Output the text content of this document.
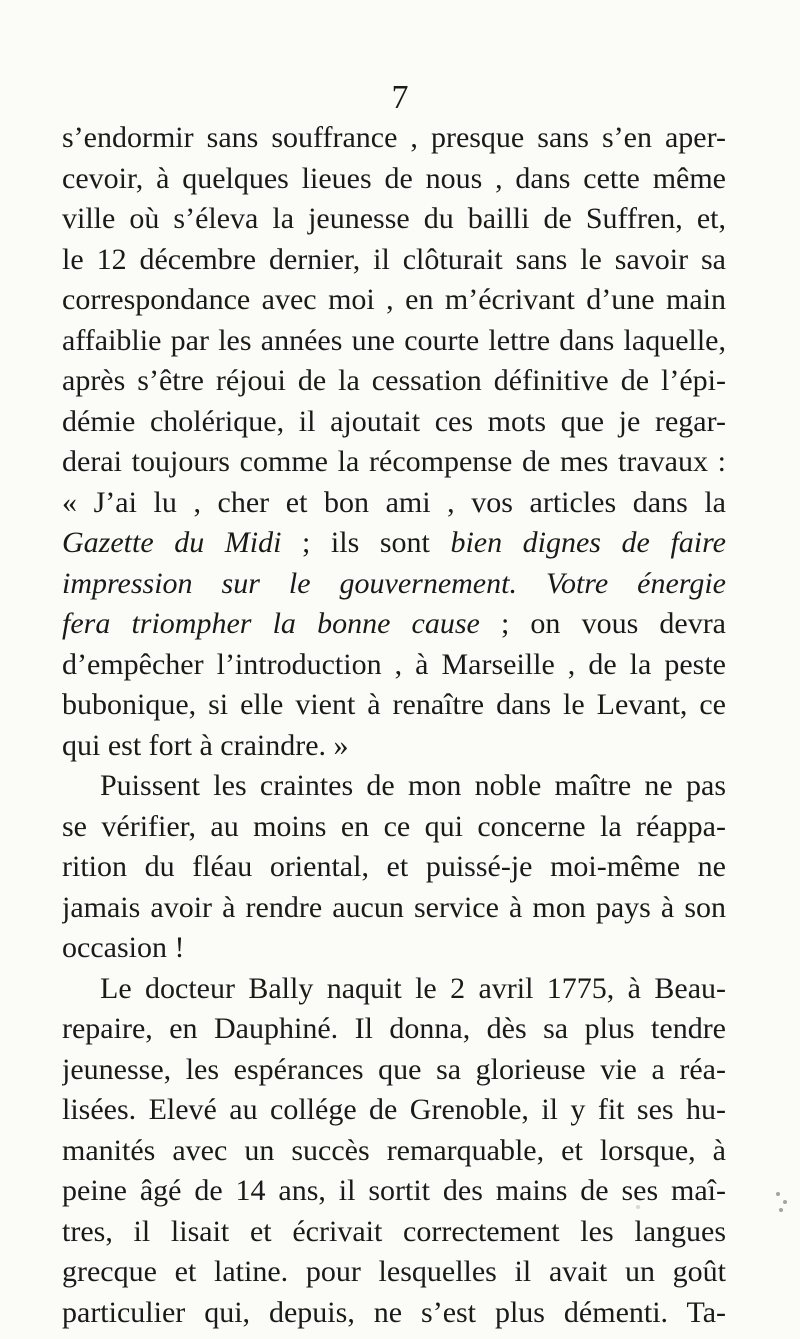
7
s’endormir sans souffrance , presque sans s’en aper-
cevoir, à quelques lieues de nous , dans cette même
ville où s’éleva la jeunesse du bailli de Suffren, et,
le 12 décembre dernier, il clôturait sans le savoir sa
correspondance avec moi , en m’écrivant d’une main
affaiblie par les années une courte lettre dans laquelle,
après s’être réjoui de la cessation définitive de l’épi-
démie cholérique, il ajoutait ces mots que je regar-
derai toujours comme la récompense de mes travaux :
« J’ai lu , cher et bon ami , vos articles dans la
Gazette du Midi ; ils sont bien dignes de faire
impression sur le gouvernement. Votre énergie
fera triompher la bonne cause ; on vous devra
d’empêcher l’introduction , à Marseille , de la peste
bubonique, si elle vient à renaître dans le Levant, ce
qui est fort à craindre. »
Puissent les craintes de mon noble maître ne pas
se vérifier, au moins en ce qui concerne la réappa-
rition du fléau oriental, et puissé-je moi-même ne
jamais avoir à rendre aucun service à mon pays à son
occasion !
Le docteur Bally naquit le 2 avril 1775, à Beau-
repaire, en Dauphiné. Il donna, dès sa plus tendre
jeunesse, les espérances que sa glorieuse vie a réa-
lisées. Elevé au collége de Grenoble, il y fit ses hu-
manités avec un succès remarquable, et lorsque, à
peine âgé de 14 ans, il sortit des mains de ses maî-
tres, il lisait et écrivait correctement les langues
grecque et latine. pour lesquelles il avait un goût
particulier qui, depuis, ne s’est plus démenti. Ta-
